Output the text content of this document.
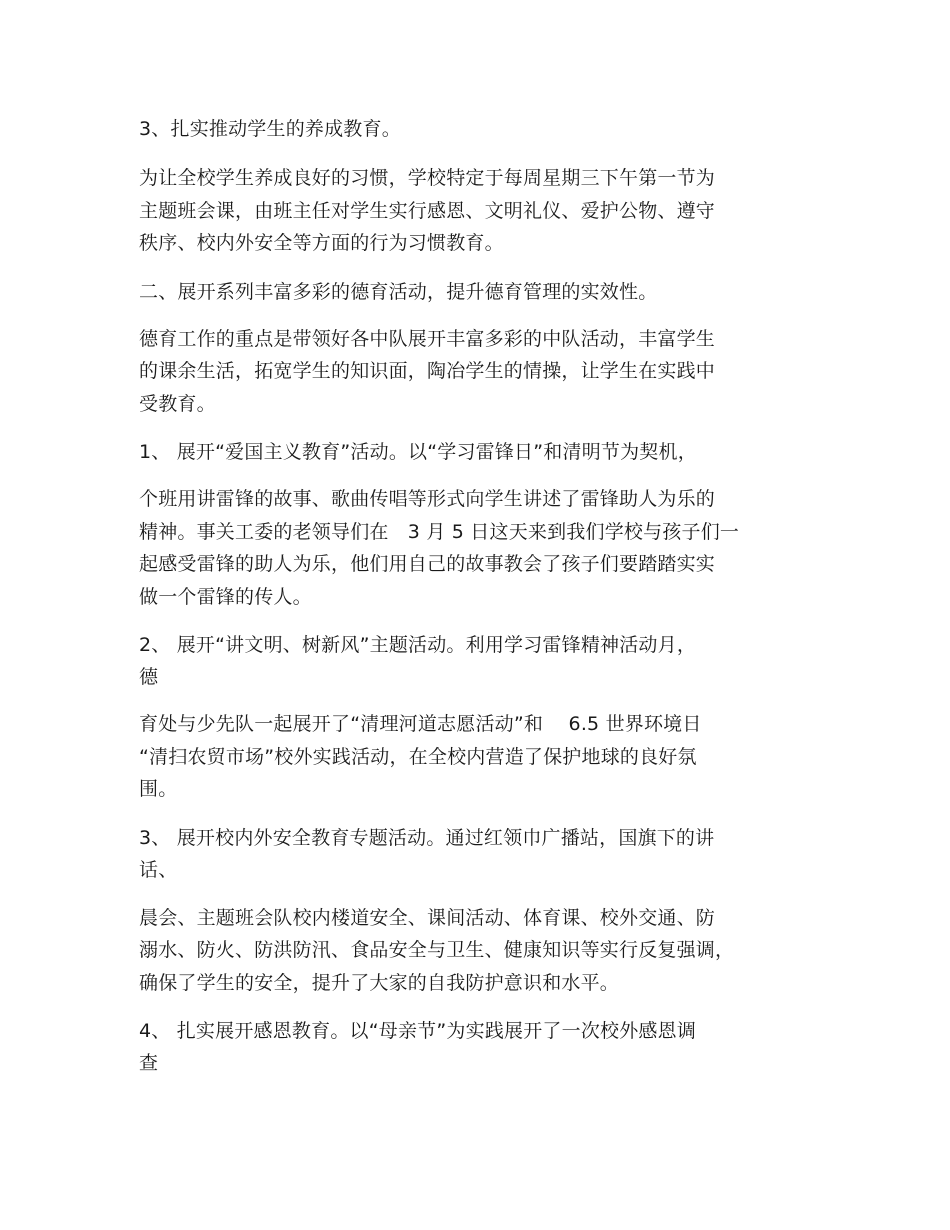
3、扎实推动学生的养成教育。
为让全校学生养成良好的习惯，学校特定于每周星期三下午第一节为
主题班会课，由班主任对学生实行感恩、文明礼仪、爱护公物、遵守
秩序、校内外安全等方面的行为习惯教育。
二、展开系列丰富多彩的德育活动，提升德育管理的实效性。
德育工作的重点是带领好各中队展开丰富多彩的中队活动，丰富学生
的课余生活，拓宽学生的知识面，陶冶学生的情操，让学生在实践中
受教育。
1、 展开“爱国主义教育”活动。以“学习雷锋日”和清明节为契机，
个班用讲雷锋的故事、歌曲传唱等形式向学生讲述了雷锋助人为乐的
精神。事关工委的老领导们在　3 月 5 日这天来到我们学校与孩子们一
起感受雷锋的助人为乐，他们用自己的故事教会了孩子们要踏踏实实
做一个雷锋的传人。
2、 展开“讲文明、树新风”主题活动。利用学习雷锋精神活动月，
德
育处与少先队一起展开了“清理河道志愿活动”和　 6.5 世界环境日
“清扫农贸市场”校外实践活动，在全校内营造了保护地球的良好氛
围。
3、 展开校内外安全教育专题活动。通过红领巾广播站，国旗下的讲
话、
晨会、主题班会队校内楼道安全、课间活动、体育课、校外交通、防
溺水、防火、防洪防汛、食品安全与卫生、健康知识等实行反复强调，
确保了学生的安全，提升了大家的自我防护意识和水平。
4、 扎实展开感恩教育。以“母亲节”为实践展开了一次校外感恩调
查
